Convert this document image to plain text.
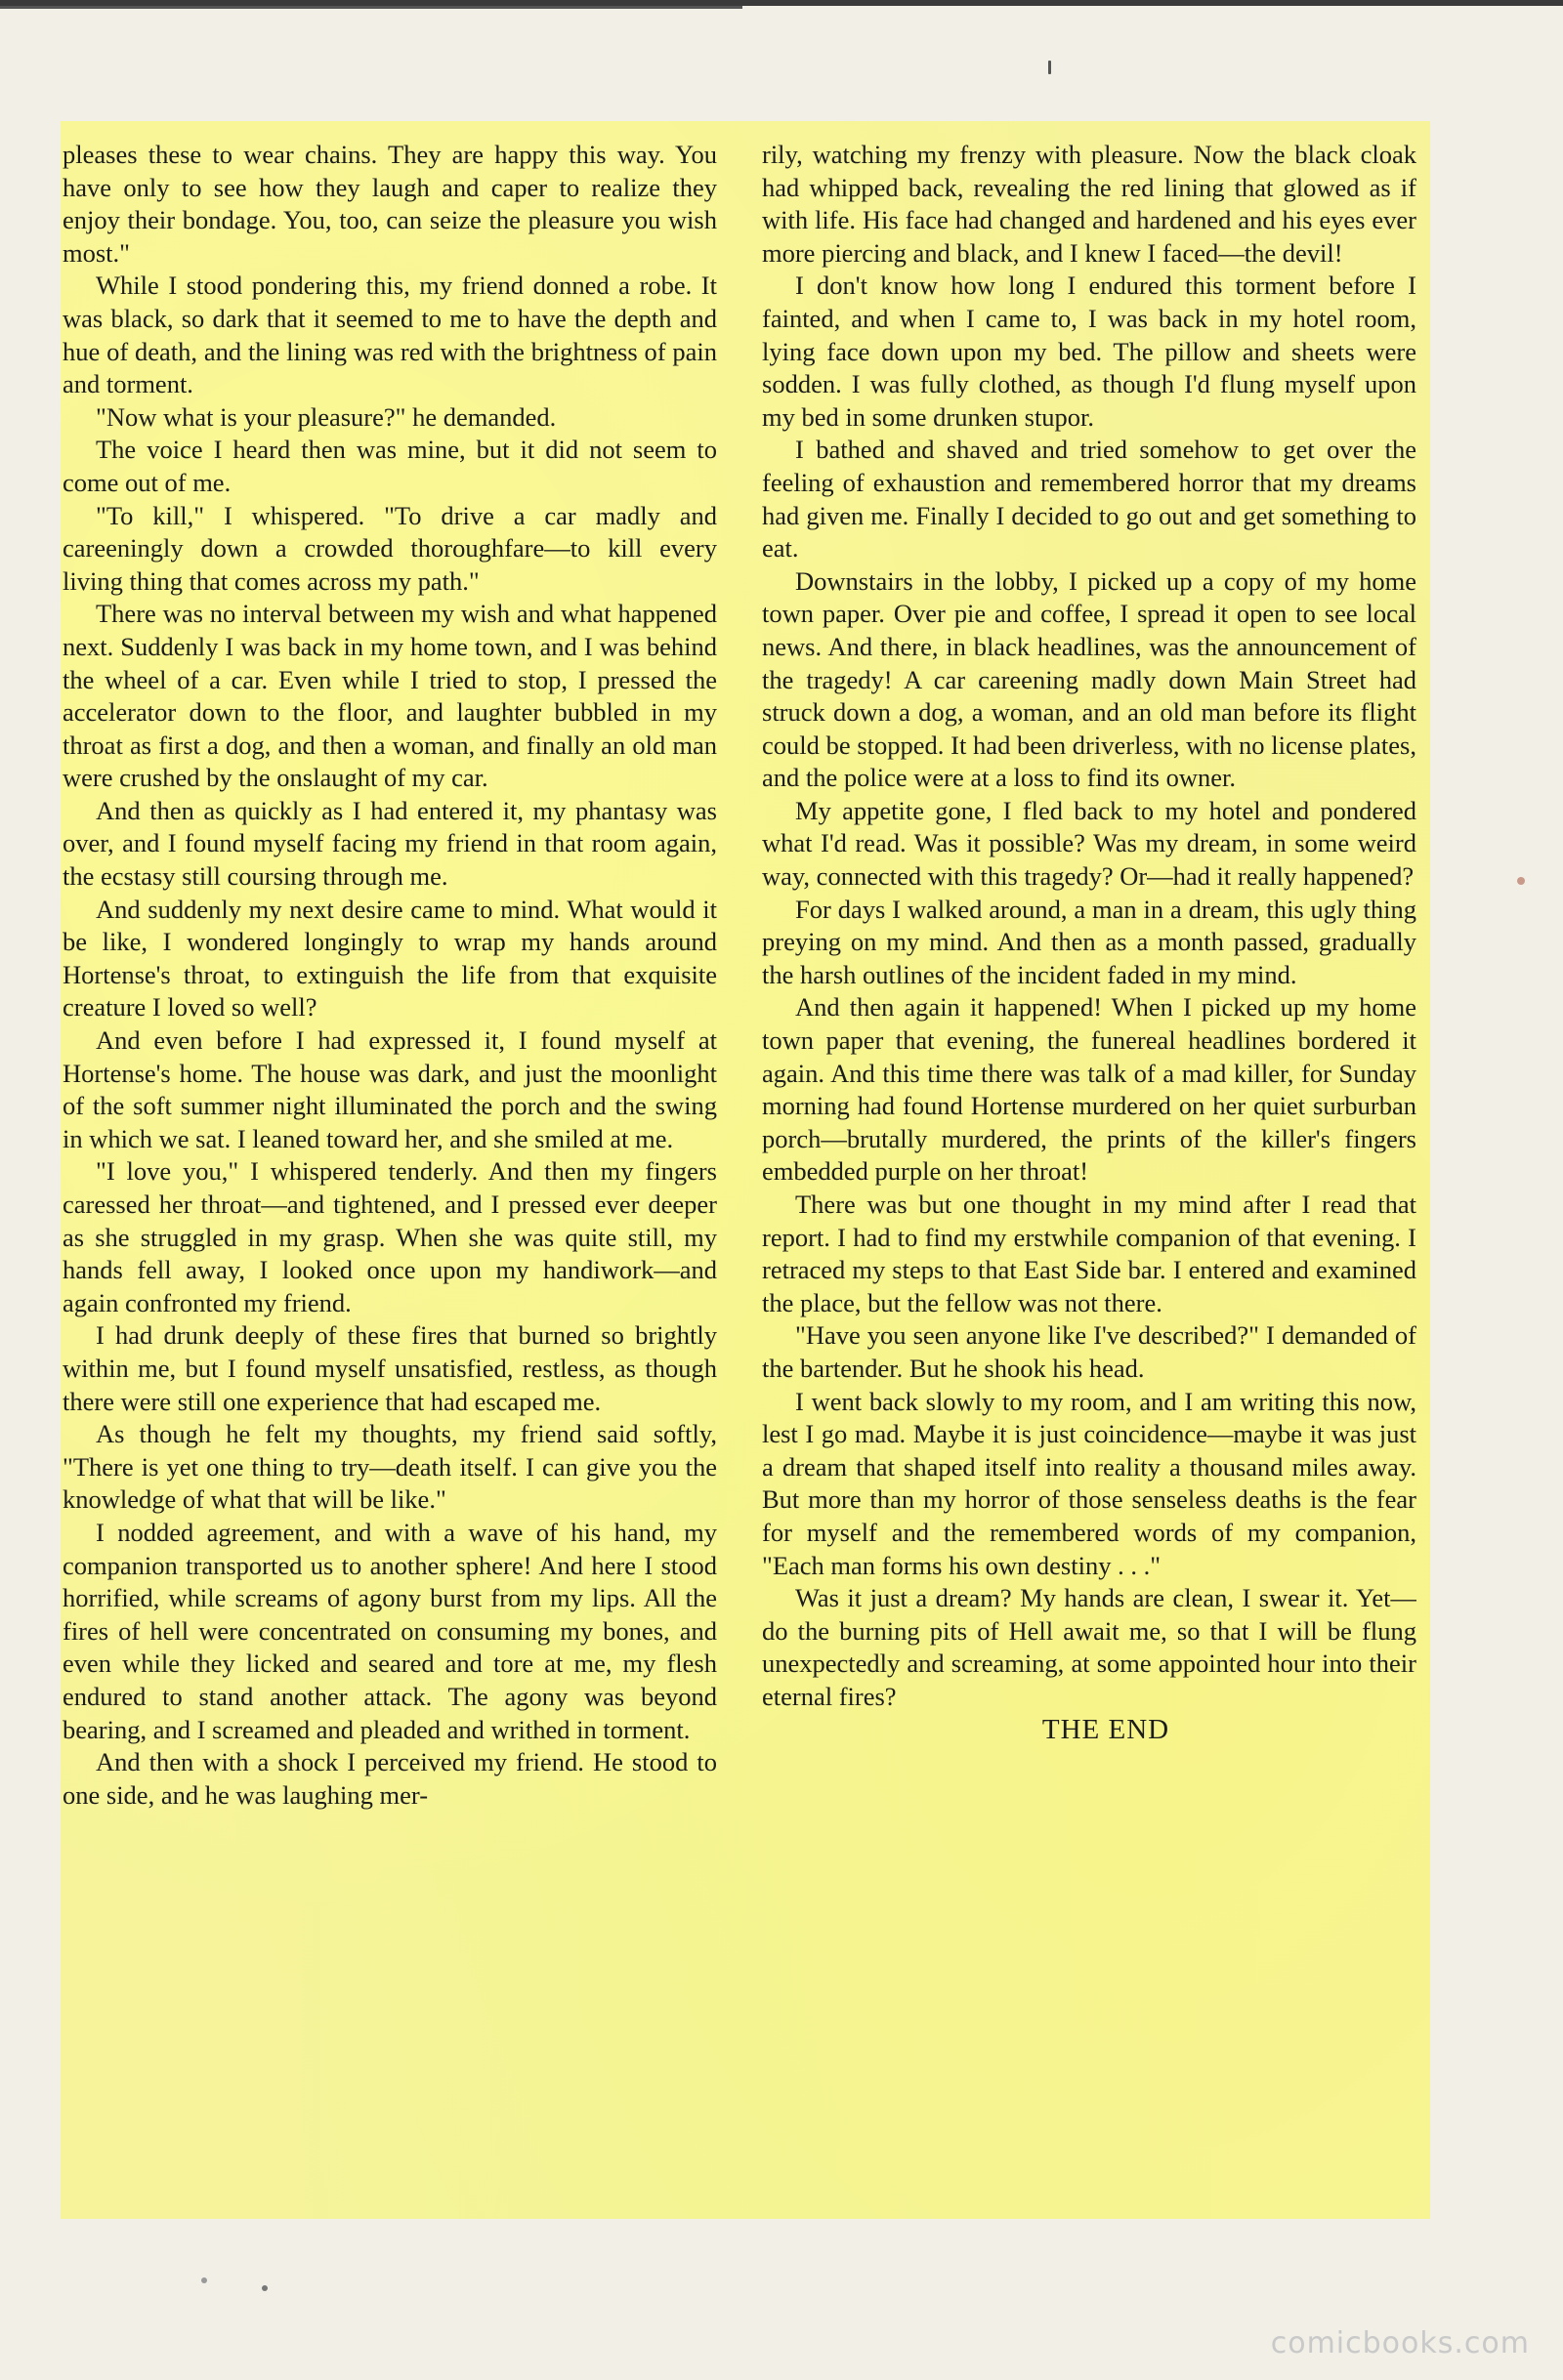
pleases these to wear chains. They are happy this way. You have only to see how they laugh and caper to realize they enjoy their bondage. You, too, can seize the pleasure you wish most."

While I stood pondering this, my friend donned a robe. It was black, so dark that it seemed to me to have the depth and hue of death, and the lining was red with the brightness of pain and torment.

"Now what is your pleasure?" he demanded.

The voice I heard then was mine, but it did not seem to come out of me.

"To kill," I whispered. "To drive a car madly and careeningly down a crowded thoroughfare—to kill every living thing that comes across my path."

There was no interval between my wish and what happened next. Suddenly I was back in my home town, and I was behind the wheel of a car. Even while I tried to stop, I pressed the accelerator down to the floor, and laughter bubbled in my throat as first a dog, and then a woman, and finally an old man were crushed by the onslaught of my car.

And then as quickly as I had entered it, my phantasy was over, and I found myself facing my friend in that room again, the ecstasy still coursing through me.

And suddenly my next desire came to mind. What would it be like, I wondered longingly to wrap my hands around Hortense's throat, to extinguish the life from that exquisite creature I loved so well?

And even before I had expressed it, I found myself at Hortense's home. The house was dark, and just the moonlight of the soft summer night illuminated the porch and the swing in which we sat. I leaned toward her, and she smiled at me.

"I love you," I whispered tenderly. And then my fingers caressed her throat—and tightened, and I pressed ever deeper as she struggled in my grasp. When she was quite still, my hands fell away, I looked once upon my handiwork—and again confronted my friend.

I had drunk deeply of these fires that burned so brightly within me, but I found myself unsatisfied, restless, as though there were still one experience that had escaped me.

As though he felt my thoughts, my friend said softly, "There is yet one thing to try—death itself. I can give you the knowledge of what that will be like."

I nodded agreement, and with a wave of his hand, my companion transported us to another sphere! And here I stood horrified, while screams of agony burst from my lips. All the fires of hell were concentrated on consuming my bones, and even while they licked and seared and tore at me, my flesh endured to stand another attack. The agony was beyond bearing, and I screamed and pleaded and writhed in torment.

And then with a shock I perceived my friend. He stood to one side, and he was laughing mer-

rily, watching my frenzy with pleasure. Now the black cloak had whipped back, revealing the red lining that glowed as if with life. His face had changed and hardened and his eyes ever more piercing and black, and I knew I faced—the devil!

I don't know how long I endured this torment before I fainted, and when I came to, I was back in my hotel room, lying face down upon my bed. The pillow and sheets were sodden. I was fully clothed, as though I'd flung myself upon my bed in some drunken stupor.

I bathed and shaved and tried somehow to get over the feeling of exhaustion and remembered horror that my dreams had given me. Finally I decided to go out and get something to eat.

Downstairs in the lobby, I picked up a copy of my home town paper. Over pie and coffee, I spread it open to see local news. And there, in black headlines, was the announcement of the tragedy! A car careening madly down Main Street had struck down a dog, a woman, and an old man before its flight could be stopped. It had been driverless, with no license plates, and the police were at a loss to find its owner.

My appetite gone, I fled back to my hotel and pondered what I'd read. Was it possible? Was my dream, in some weird way, connected with this tragedy? Or—had it really happened?

For days I walked around, a man in a dream, this ugly thing preying on my mind. And then as a month passed, gradually the harsh outlines of the incident faded in my mind.

And then again it happened! When I picked up my home town paper that evening, the funereal headlines bordered it again. And this time there was talk of a mad killer, for Sunday morning had found Hortense murdered on her quiet surburban porch—brutally murdered, the prints of the killer's fingers embedded purple on her throat!

There was but one thought in my mind after I read that report. I had to find my erstwhile companion of that evening. I retraced my steps to that East Side bar. I entered and examined the place, but the fellow was not there.

"Have you seen anyone like I've described?" I demanded of the bartender. But he shook his head.

I went back slowly to my room, and I am writing this now, lest I go mad. Maybe it is just coincidence—maybe it was just a dream that shaped itself into reality a thousand miles away. But more than my horror of those senseless deaths is the fear for myself and the remembered words of my companion, "Each man forms his own destiny . . ."

Was it just a dream? My hands are clean, I swear it. Yet—do the burning pits of Hell await me, so that I will be flung unexpectedly and screaming, at some appointed hour into their eternal fires?

THE END

comicbooks.com
